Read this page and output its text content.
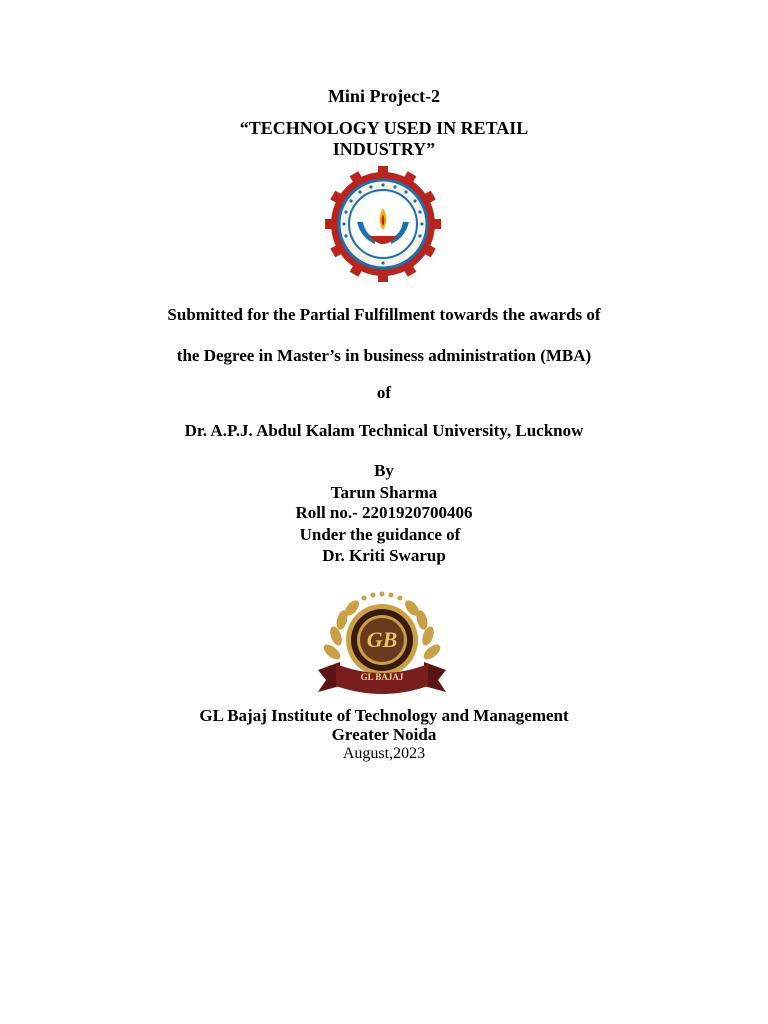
Mini Project-2
“TECHNOLOGY USED IN RETAIL
INDUSTRY”
Submitted for the Partial Fulfillment towards the awards of
the Degree in Master’s in business administration (MBA)
of
Dr. A.P.J. Abdul Kalam Technical University, Lucknow
By
Tarun Sharma
Roll no.- 2201920700406
Under the guidance of
Dr. Kriti Swarup
GB
GL BAJAJ
GL Bajaj Institute of Technology and Management
Greater Noida
August,2023
